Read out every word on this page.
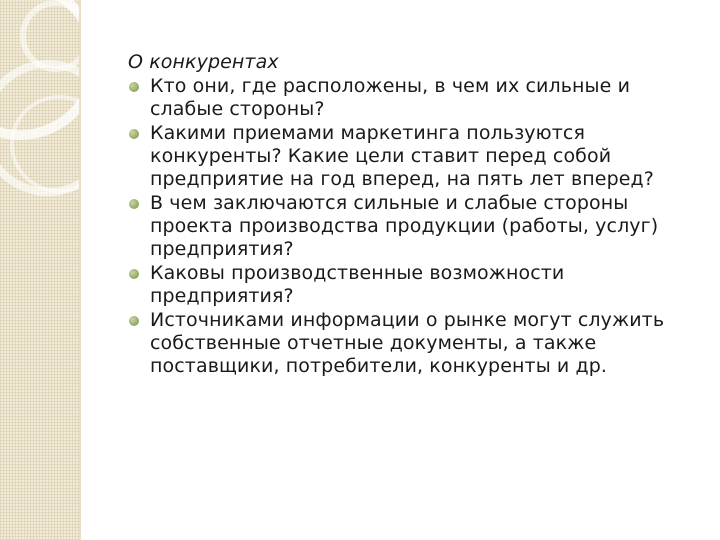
О конкурентах

Кто они, где расположены, в чем их сильные и слабые стороны?
Какими приемами маркетинга пользуются конкуренты? Какие цели ставит перед собой предприятие на год вперед, на пять лет вперед?
В чем заключаются сильные и слабые стороны проекта производства продукции (работы, услуг) предприятия?
Каковы производственные возможности предприятия?
Источниками информации о рынке могут служить собственные отчетные документы, а также поставщики, потребители, конкуренты и др.
